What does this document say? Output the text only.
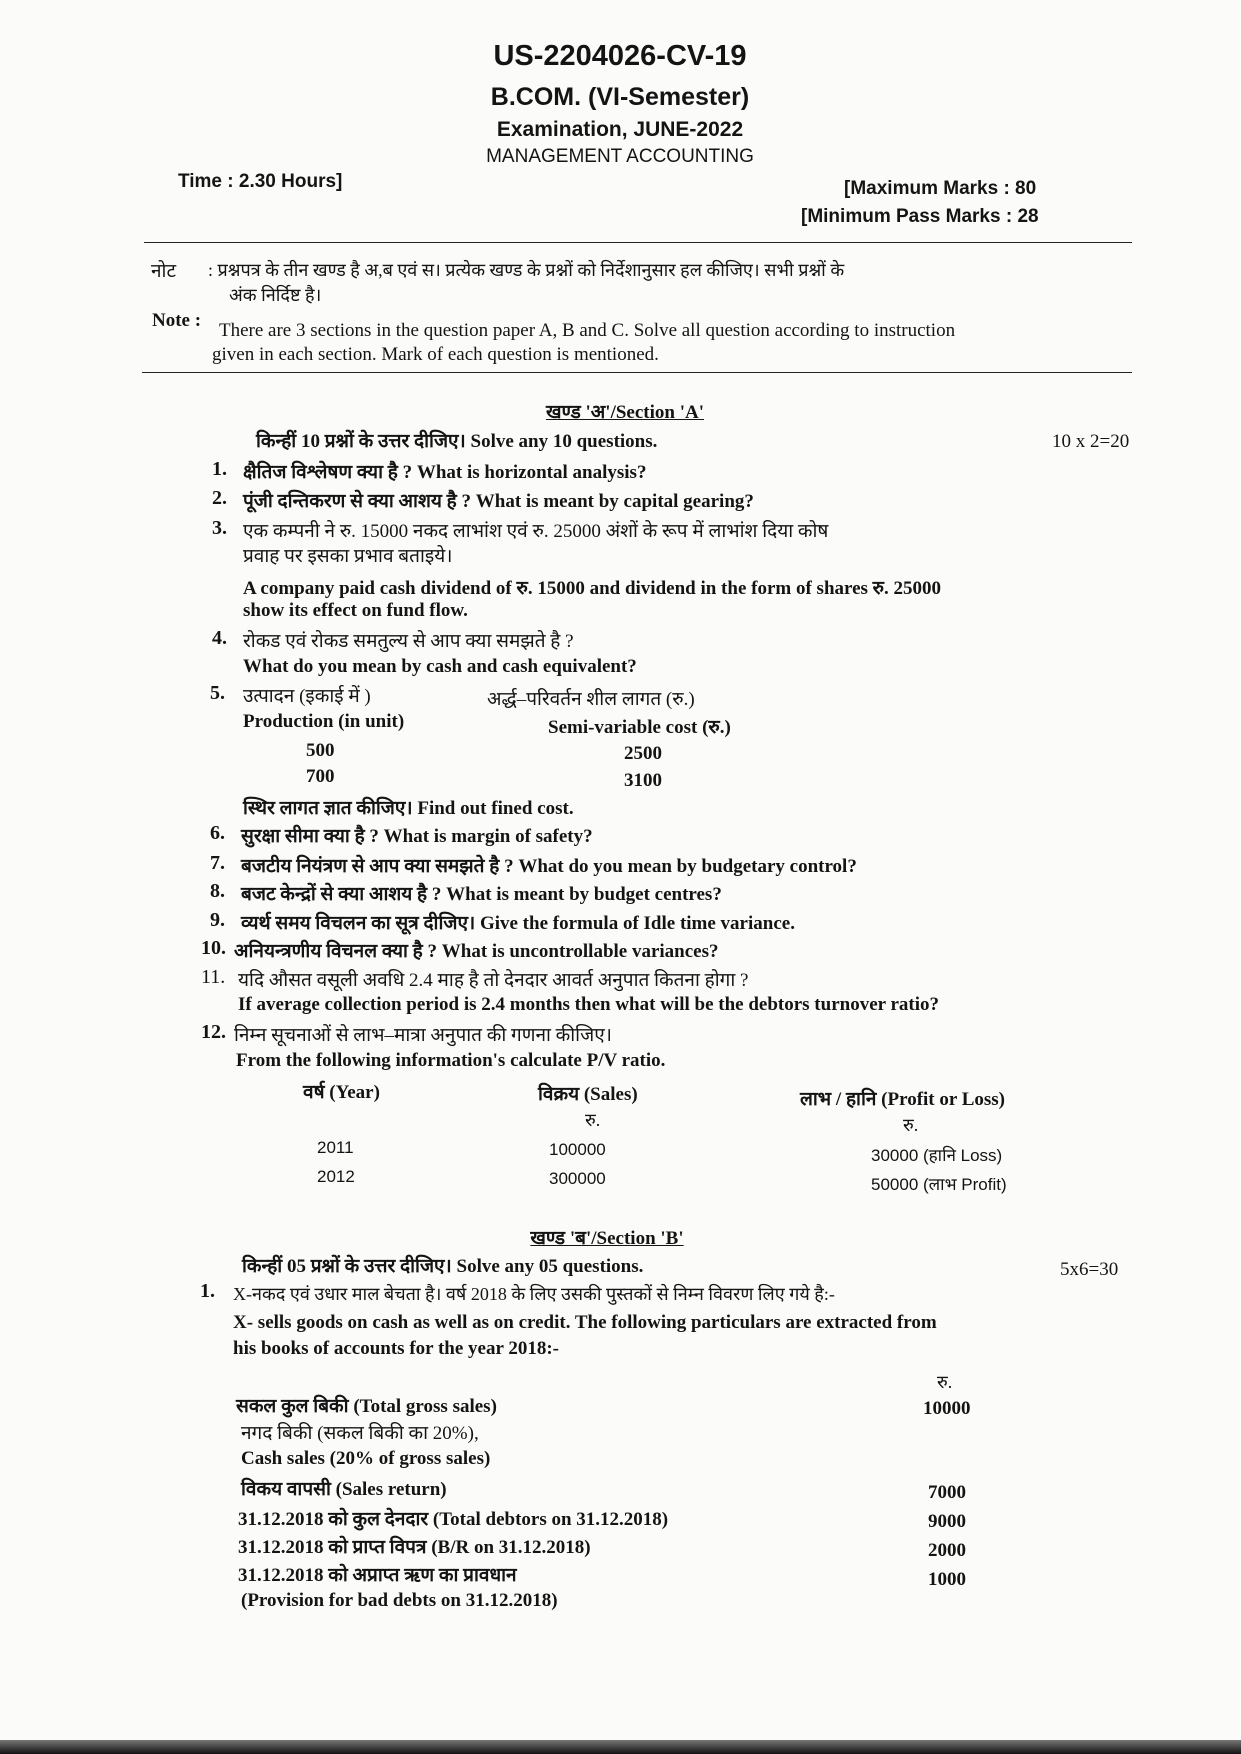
US-2204026-CV-19
B.COM. (VI-Semester)
Examination, JUNE-2022
MANAGEMENT ACCOUNTING
Time : 2.30 Hours]	[Maximum Marks : 80
[Minimum Pass Marks : 28
नोट : प्रश्नपत्र के तीन खण्ड है अ,ब एवं स। प्रत्येक खण्ड के प्रश्नों को निर्देशानुसार हल कीजिए। सभी प्रश्नों के
अंक निर्दिष्ट है।
Note : There are 3 sections in the question paper A, B and C. Solve all question according to instruction
given in each section. Mark of each question is mentioned.
खण्ड 'अ'/Section 'A'
किन्हीं 10 प्रश्नों के उत्तर दीजिए। Solve any 10 questions.	10 x 2=20
1. क्षैतिज विश्लेषण क्या है ? What is horizontal analysis?
2. पूंजी दन्तिकरण से क्या आशय है ? What is meant by capital gearing?
3. एक कम्पनी ने रु. 15000 नकद लाभांश एवं रु. 25000 अंशों के रूप में लाभांश दिया कोष
प्रवाह पर इसका प्रभाव बताइये।
A company paid cash dividend of रु. 15000 and dividend in the form of shares रु. 25000
show its effect on fund flow.
4. रोकड एवं रोकड समतुल्य से आप क्या समझते है ?
What do you mean by cash and cash equivalent?
5. उत्पादन (इकाई में )	अर्द्ध–परिवर्तन शील लागत (रु.)
Production (in unit)	Semi-variable cost (रु.)
500	2500
700	3100
स्थिर लागत ज्ञात कीजिए। Find out fined cost.
6. सुरक्षा सीमा क्या है ? What is margin of safety?
7. बजटीय नियंत्रण से आप क्या समझते है ? What do you mean by budgetary control?
8. बजट केन्द्रों से क्या आशय है ? What is meant by budget centres?
9. व्यर्थ समय विचलन का सूत्र दीजिए। Give the formula of Idle time variance.
10. अनियन्त्रणीय विचनल क्या है ? What is uncontrollable variances?
11. यदि औसत वसूली अवधि 2.4 माह है तो देनदार आवर्त अनुपात कितना होगा ?
If average collection period is 2.4 months then what will be the debtors turnover ratio?
12. निम्न सूचनाओं से लाभ–मात्रा अनुपात की गणना कीजिए।
From the following information's calculate P/V ratio.
वर्ष (Year)	विक्रय (Sales)	लाभ / हानि (Profit or Loss)
रु.	रु.
2011	100000	30000 (हानि Loss)
2012	300000	50000 (लाभ Profit)
खण्ड 'ब'/Section 'B'
किन्हीं 05 प्रश्नों के उत्तर दीजिए। Solve any 05 questions.	5x6=30
1. X-नकद एवं उधार माल बेचता है। वर्ष 2018 के लिए उसकी पुस्तकों से निम्न विवरण लिए गये है:-
X- sells goods on cash as well as on credit. The following particulars are extracted from
his books of accounts for the year 2018:-
रु.
सकल कुल बिकी (Total gross sales)	10000
नगद बिकी (सकल बिकी का 20%),
Cash sales (20% of gross sales)
विकय वापसी (Sales return)	7000
31.12.2018 को कुल देनदार (Total debtors on 31.12.2018)	9000
31.12.2018 को प्राप्त विपत्र (B/R on 31.12.2018)	2000
31.12.2018 को अप्राप्त ऋण का प्रावधान	1000
(Provision for bad debts on 31.12.2018)
